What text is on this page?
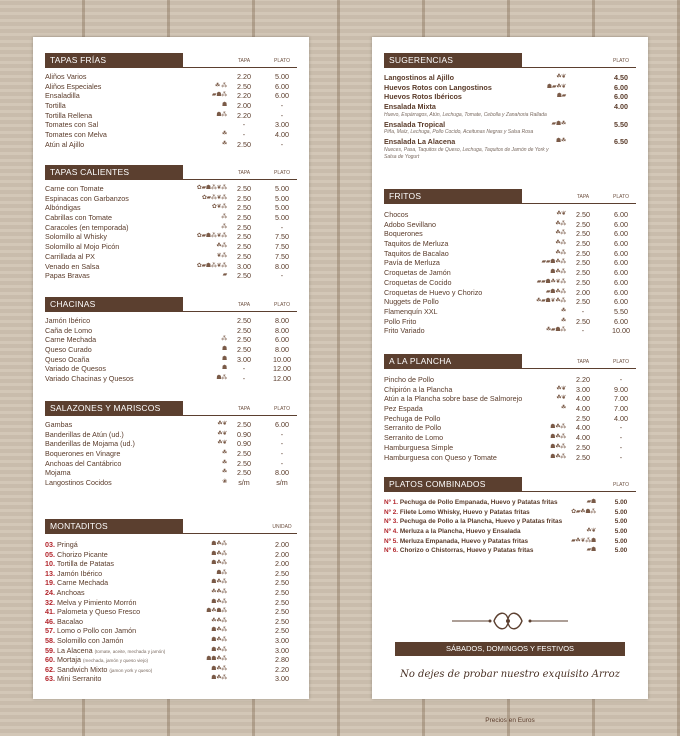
TAPAS FRÍAS	TAPA	PLATO
Aliños Varios	2.20	5.00
Aliños Especiales	☘ ⁂	2.50	6.00
Ensaladilla	▰☗⁂	2.20	6.00
Tortilla	☗	2.00	-
Tortilla Rellena	☗⁂	2.20	-
Tomates con Sal	-	3.00
Tomates con Melva	☘	-	4.00
Atún al Ajillo	☘	2.50	-
TAPAS CALIENTES	TAPA	PLATO
Carne con Tomate	✿▰☗⁂❦⁂	2.50	5.00
Espinacas con Garbanzos	✿▰⁂❦⁂	2.50	5.00
Albóndigas	✿❦⁂	2.50	5.00
Cabrillas con Tomate	⁂	2.50	5.00
Caracoles (en temporada)	⁂	2.50	-
Solomillo al Whisky	✿▰☗⁂❦⁂	2.50	7.50
Solomillo al Mojo Picón	☘⁂	2.50	7.50
Carrillada al PX	❦⁂	2.50	7.50
Venado en Salsa	✿▰☗⁂❦⁂	3.00	8.00
Papas Bravas	▰	2.50	-
CHACINAS	TAPA	PLATO
Jamón Ibérico	2.50	8.00
Caña de Lomo	2.50	8.00
Carne Mechada	⁂	2.50	6.00
Queso Curado	☗	2.50	8.00
Queso Ocaña	☗	3.00	10.00
Variado de Quesos	☗	-	12.00
Variado Chacinas y Quesos	☗⁂	-	12.00
SALAZONES Y MARISCOS	TAPA	PLATO
Gambas	☘❦	2.50	6.00
Banderillas de Atún (ud.)	☘❦	0.90	-
Banderillas de Mojama (ud.)	☘❦	0.90	-
Boquerones en Vinagre	☘	2.50	-
Anchoas del Cantábrico	☘	2.50	-
Mojama	☘	2.50	8.00
Langostinos Cocidos	❀	s/m	s/m
MONTADITOS	UNIDAD
03. Pringá	☗☘⁂	2.00
05. Chorizo Picante	☗☘⁂	2.00
10. Tortilla de Patatas	☗☘⁂	2.00
13. Jamón Ibérico	☗⁂	2.50
19. Carne Mechada	☗☘⁂	2.50
24. Anchoas	☘☘⁂	2.50
32. Melva y Pimiento Morrón	☗☘⁂	2.50
41. Palometa y Queso Fresco	☗☘☗⁂	2.50
46. Bacalao	☘☘⁂	2.50
57. Lomo o Pollo con Jamón	☗☘⁂	2.50
58. Solomillo con Jamón	☗☘⁂	3.00
59. La Alacena (tomate, aceite, mechada y jamón)	☗☘⁂	3.00
60. Mortaja (mechada, jamón y queso viejo)	☗☗☘⁂	2.80
62. Sandwich Mixto (jamon york y queso)	☗☘⁂	2.20
63. Mini Serranito	☗☘⁂	3.00
SÁBADOS, DOMINGOS Y FESTIVOS
No dejes de probar nuestro exquisito Arroz
Precios en Euros
SUGERENCIAS	PLATO
Langostinos al Ajillo	☘❦	4.50
Huevos Rotos con Langostinos	☗▰☘❦	6.00
Huevos Rotos Ibéricos	☗▰	6.00
Ensalada Mixta	4.00
Huevo, Espárragos, Atún, Lechuga, Tomate, Cebolla y Zanahoria Rallada
Ensalada Tropical	▰☗☘	5.50
Piña, Maíz, Lechuga, Pollo Cocido, Aceitunas Negras y Salsa Rosa
Ensalada La Alacena	☗☘	6.50
Nueces, Pasa, Taquitos de Queso, Lechuga, Taquitos de Jamón de York y Salsa de Yogurt
FRITOS	TAPA	PLATO
Chocos	☘❦	2.50	6.00
Adobo Sevillano	☘⁂	2.50	6.00
Boquerones	☘⁂	2.50	6.00
Taquitos de Merluza	☘⁂	2.50	6.00
Taquitos de Bacalao	☘⁂	2.50	6.00
Pavía de Merluza	▰▰☗☘⁂	2.50	6.00
Croquetas de Jamón	☗☘⁂	2.50	6.00
Croquetas de Cocido	▰▰☗☘❦⁂	2.50	6.00
Croquetas de Huevo y Chorizo	▰☗☘⁂	2.00	6.00
Nuggets de Pollo	☘▰☗❦☘⁂	2.50	6.00
Flamenquín XXL	☘	-	5.50
Pollo Frito	☘	2.50	6.00
Frito Variado	☘▰☗⁂	-	10.00
A LA PLANCHA	TAPA	PLATO
Pincho de Pollo	2.20	-
Chipirón a la Plancha	☘❦	3.00	9.00
Atún a la Plancha sobre base de Salmorejo	☘❦	4.00	7.00
Pez Espada	☘	4.00	7.00
Pechuga de Pollo	2.50	4.00
Serranito de Pollo	☗☘⁂	4.00	-
Serranito de Lomo	☗☘⁂	4.00	-
Hamburguesa Simple	☗☘⁂	2.50	-
Hamburguesa con Queso y Tomate	☗☘⁂	2.50	-
PLATOS COMBINADOS	PLATO
Nº 1. Pechuga de Pollo Empanada, Huevo y Patatas fritas	▰☗	5.00
Nº 2. Filete Lomo Whisky, Huevo y Patatas fritas	✿▰☘☗⁂	5.00
Nº 3. Pechuga de Pollo a la Plancha, Huevo y Patatas fritas	5.00
Nº 4. Merluza a la Plancha, Huevo y Ensalada	☘❦	5.00
Nº 5. Merluza Empanada, Huevo y Patatas fritas	▰☘❦⁂☗	5.00
Nº 6. Chorizo o Chistorras, Huevo y Patatas fritas	▰☗	5.00
